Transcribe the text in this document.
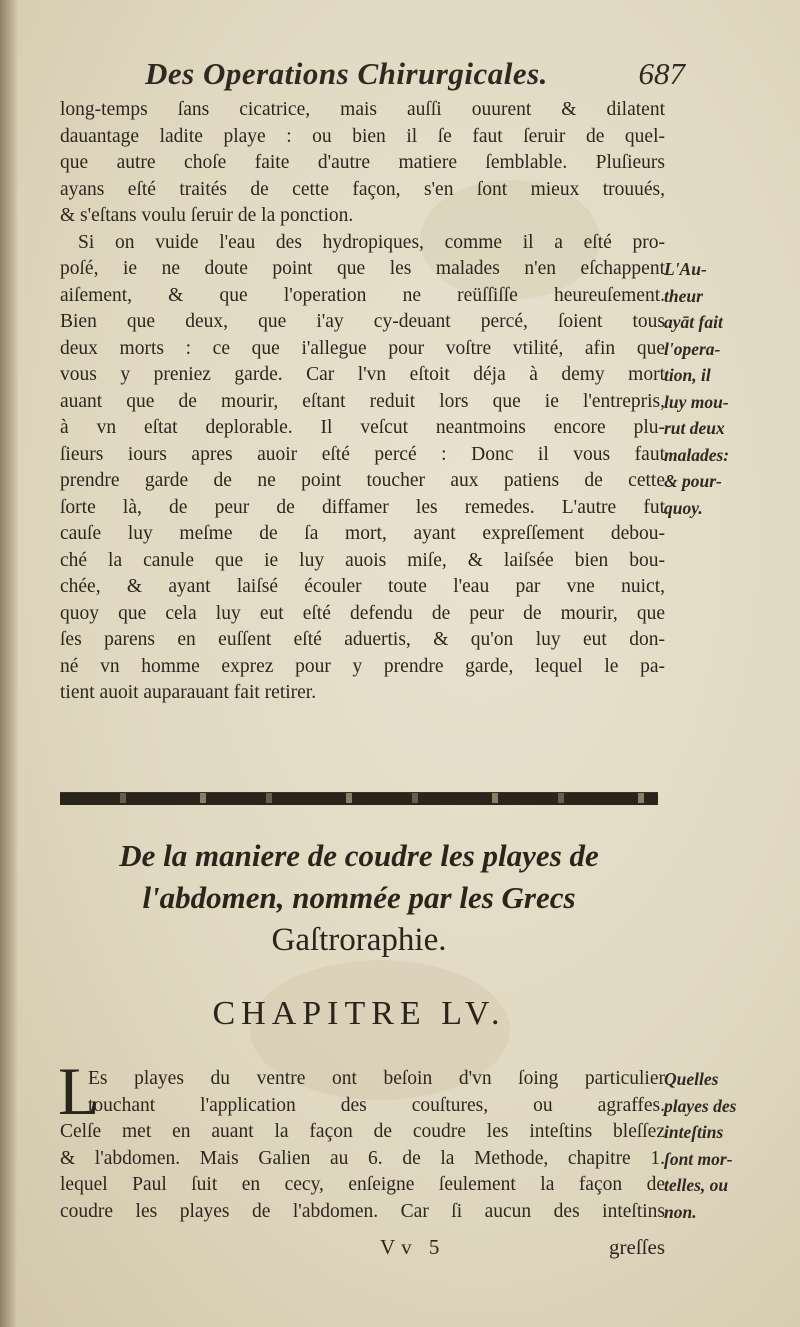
Des Operations Chirurgicales.	687
long-temps ſans cicatrice, mais auſſi ouurent & dilatent
dauantage ladite playe : ou bien il ſe faut ſeruir de quel-
que autre choſe faite d'autre matiere ſemblable. Pluſieurs
ayans eſté traités de cette façon, s'en ſont mieux trouués,
& s'eſtans voulu ſeruir de la ponction.
Si on vuide l'eau des hydropiques, comme il a eſté pro-
poſé, ie ne doute point que les malades n'en eſchappent
aiſement, & que l'operation ne reüſſiſſe heureuſement.
Bien que deux, que i'ay cy-deuant percé, ſoient tous
deux morts : ce que i'allegue pour voſtre vtilité, afin que
vous y preniez garde. Car l'vn eſtoit déja à demy mort
auant que de mourir, eſtant reduit lors que ie l'entrepris,
à vn eſtat deplorable. Il veſcut neantmoins encore plu-
ſieurs iours apres auoir eſté percé : Donc il vous faut
prendre garde de ne point toucher aux patiens de cette
ſorte là, de peur de diffamer les remedes. L'autre fut
cauſe luy meſme de ſa mort, ayant expreſſement debou-
ché la canule que ie luy auois miſe, & laiſsée bien bou-
chée, & ayant laiſsé écouler toute l'eau par vne nuict,
quoy que cela luy eut eſté defendu de peur de mourir, que
ſes parens en euſſent eſté aduertis, & qu'on luy eut don-
né vn homme exprez pour y prendre garde, lequel le pa-
tient auoit auparauant fait retirer.
L'Au-
theur
ayāt fait
l'opera-
tion, il
luy mou-
rut deux
malades:
& pour-
quoy.
De la maniere de coudre les playes de
l'abdomen, nommée par les Grecs
Gaſtroraphie.
CHAPITRE LV.
L
Es playes du ventre ont beſoin d'vn ſoing particulier
touchant l'application des couſtures, ou agraffes.
Celſe met en auant la façon de coudre les inteſtins bleſſez
& l'abdomen. Mais Galien au 6. de la Methode, chapitre 1.
lequel Paul ſuit en cecy, enſeigne ſeulement la façon de
coudre les playes de l'abdomen. Car ſi aucun des inteſtins
Quelles
playes des
inteſtins
ſont mor-
telles, ou
non.
Vv 5	greſſes
